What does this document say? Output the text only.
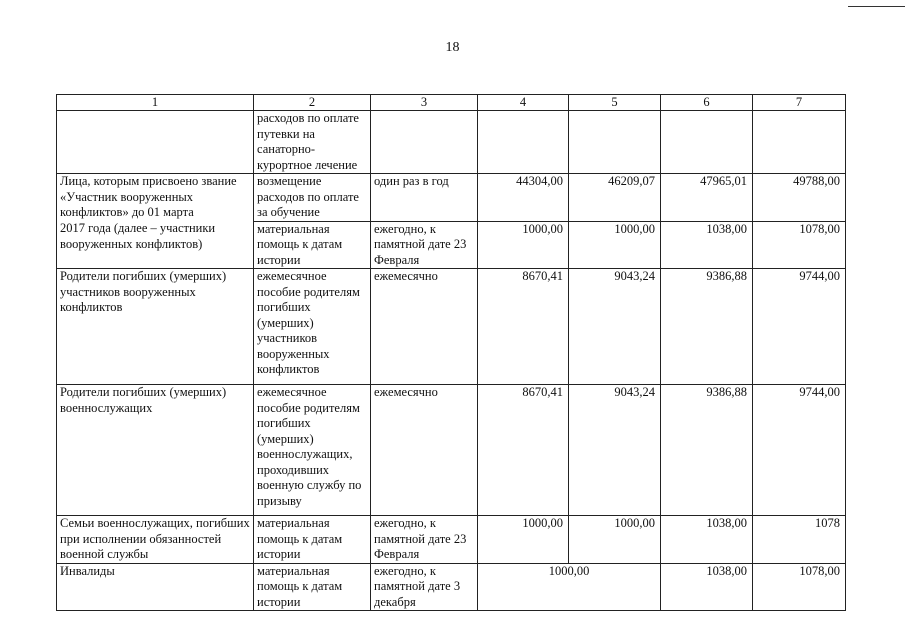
18
1	2	3	4	5	6	7
	расходов по оплате путевки на санаторно-курортное лечение					
Лица, которым присвоено звание «Участник вооруженных конфликтов» до 01 марта	возмещение расходов по оплате за обучение	один раз в год	44304,00	46209,07	47965,01	49788,00
2017 года (далее – участники вооруженных конфликтов)	материальная помощь к датам истории	ежегодно, к памятной дате 23 Февраля	1000,00	1000,00	1038,00	1078,00
Родители погибших (умерших) участников вооруженных конфликтов	ежемесячное пособие родителям погибших (умерших) участников вооруженных конфликтов	ежемесячно	8670,41	9043,24	9386,88	9744,00
Родители погибших (умерших) военнослужащих	ежемесячное пособие родителям погибших (умерших) военнослужащих, проходивших военную службу по призыву	ежемесячно	8670,41	9043,24	9386,88	9744,00
Семьи военнослужащих, погибших при исполнении обязанностей военной службы	материальная помощь к датам истории	ежегодно, к памятной дате 23 Февраля	1000,00	1000,00	1038,00	1078
Инвалиды	материальная помощь к датам истории	ежегодно, к памятной дате 3 декабря	1000,00		1038,00	1078,00
